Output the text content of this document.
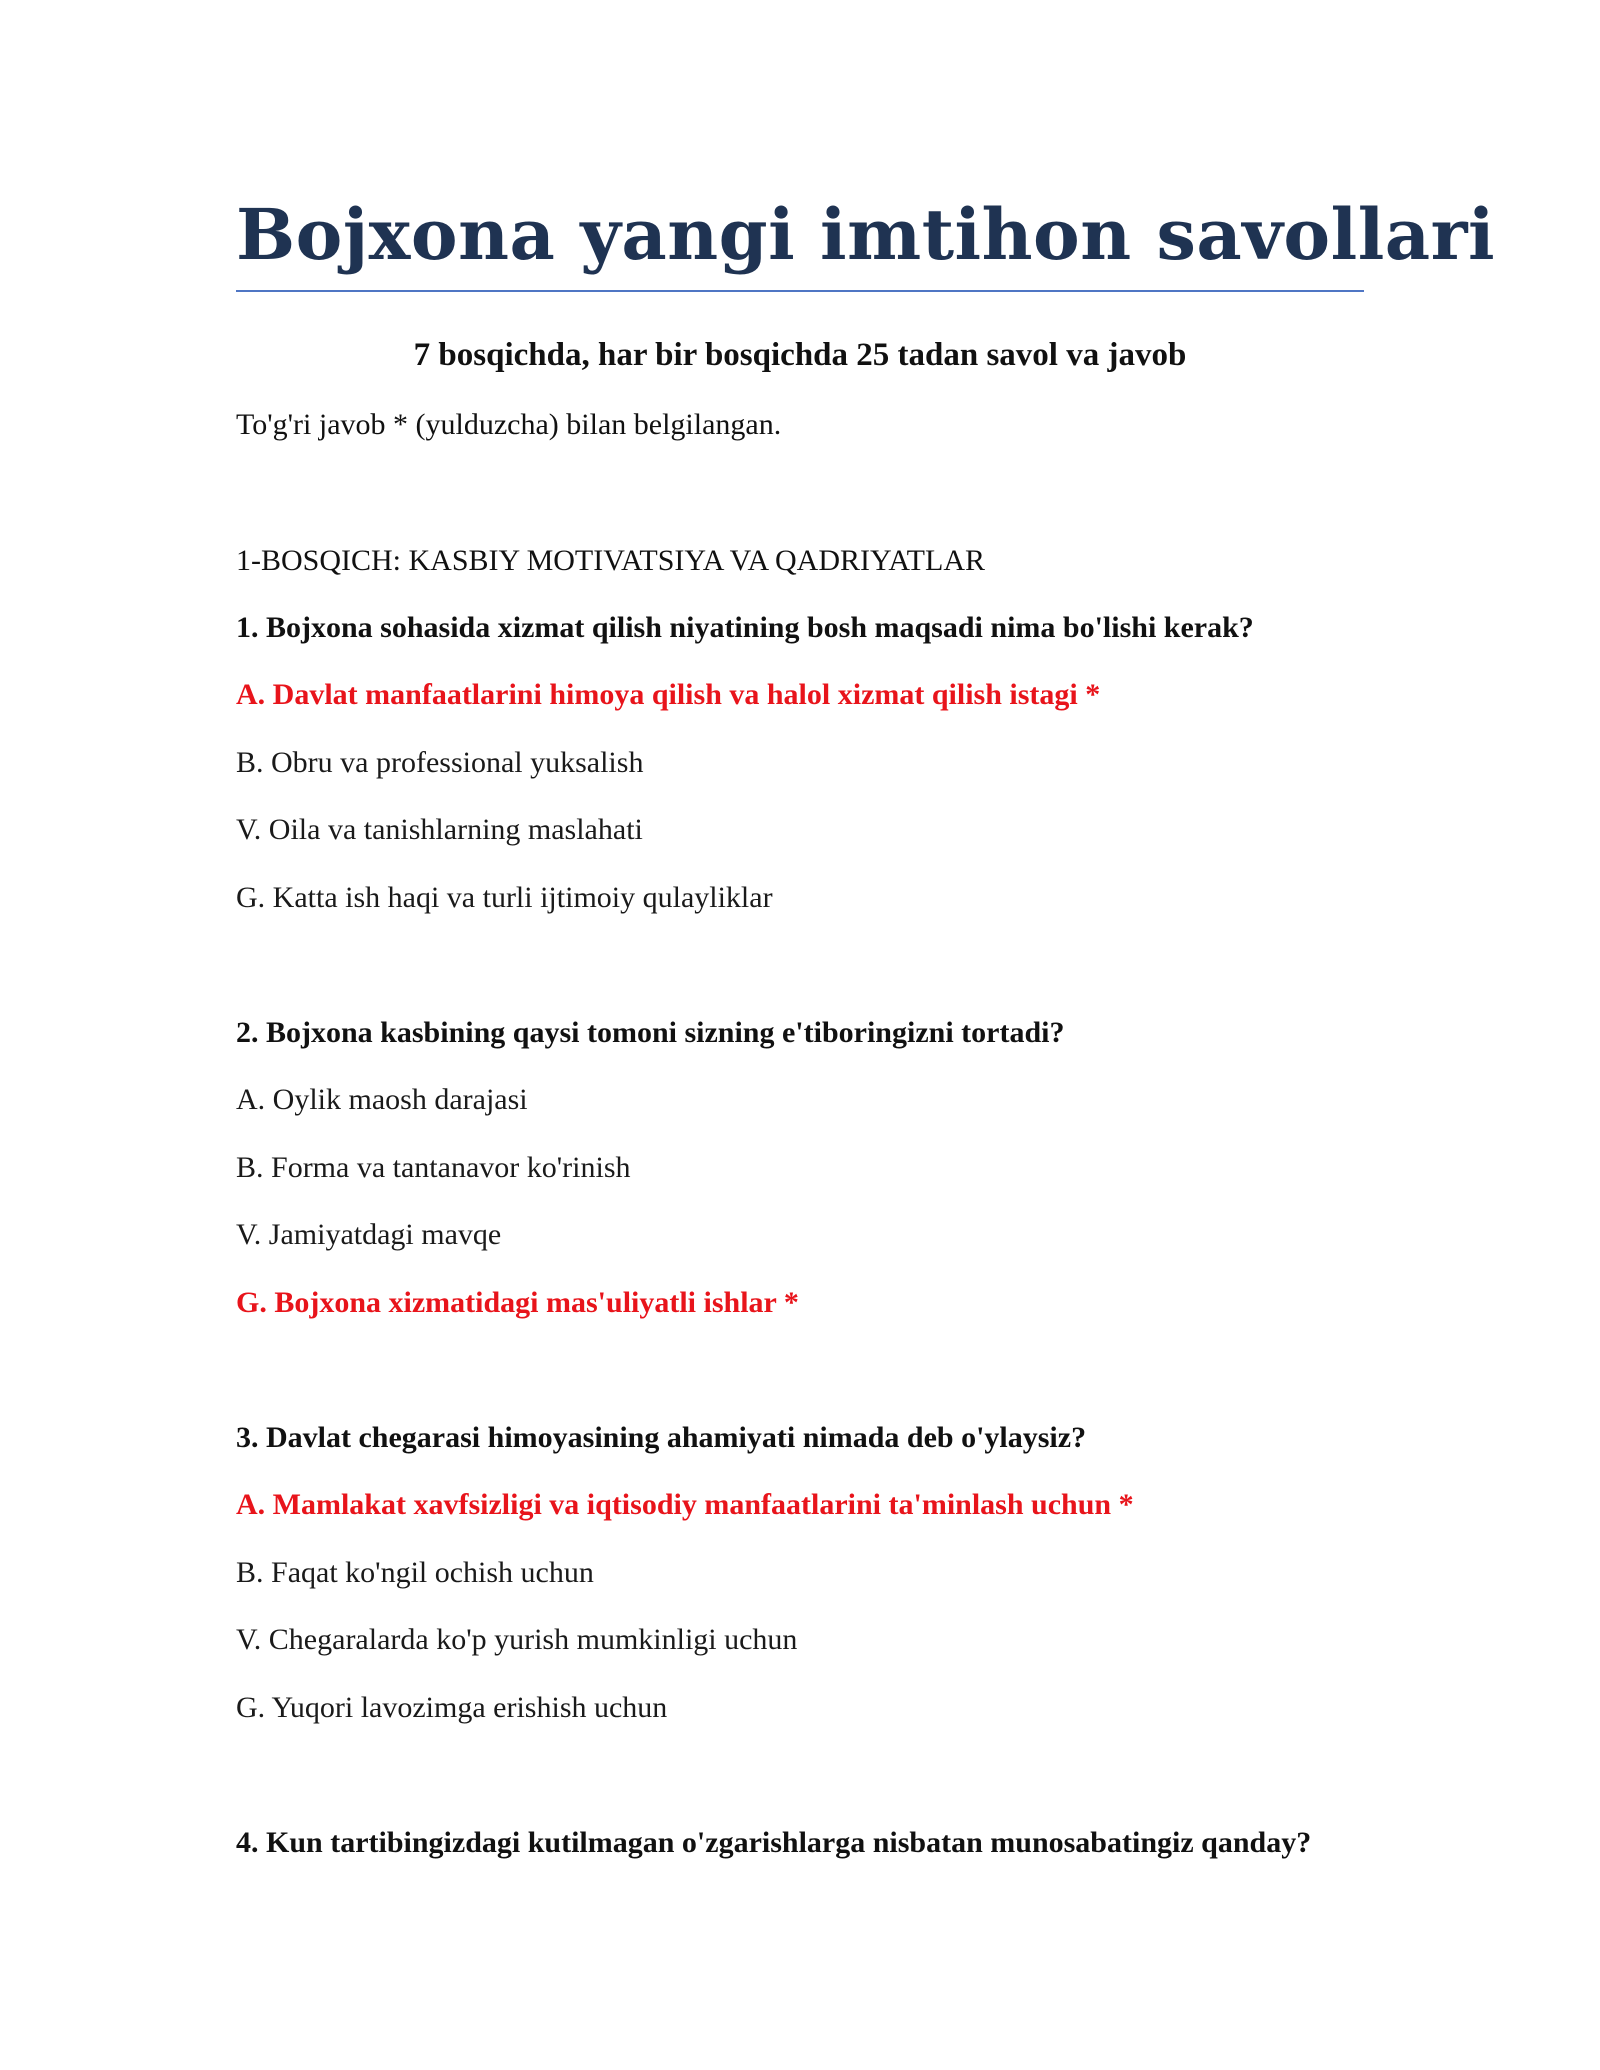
Bojxona yangi imtihon savollari
7 bosqichda, har bir bosqichda 25 tadan savol va javob
To'g'ri javob * (yulduzcha) bilan belgilangan.
1-BOSQICH: KASBIY MOTIVATSIYA VA QADRIYATLAR
1. Bojxona sohasida xizmat qilish niyatining bosh maqsadi nima bo'lishi kerak?
A. Davlat manfaatlarini himoya qilish va halol xizmat qilish istagi *
B. Obru va professional yuksalish
V. Oila va tanishlarning maslahati
G. Katta ish haqi va turli ijtimoiy qulayliklar
2. Bojxona kasbining qaysi tomoni sizning e'tiboringizni tortadi?
A. Oylik maosh darajasi
B. Forma va tantanavor ko'rinish
V. Jamiyatdagi mavqe
G. Bojxona xizmatidagi mas'uliyatli ishlar *
3. Davlat chegarasi himoyasining ahamiyati nimada deb o'ylaysiz?
A. Mamlakat xavfsizligi va iqtisodiy manfaatlarini ta'minlash uchun *
B. Faqat ko'ngil ochish uchun
V. Chegaralarda ko'p yurish mumkinligi uchun
G. Yuqori lavozimga erishish uchun
4. Kun tartibingizdagi kutilmagan o'zgarishlarga nisbatan munosabatingiz qanday?
